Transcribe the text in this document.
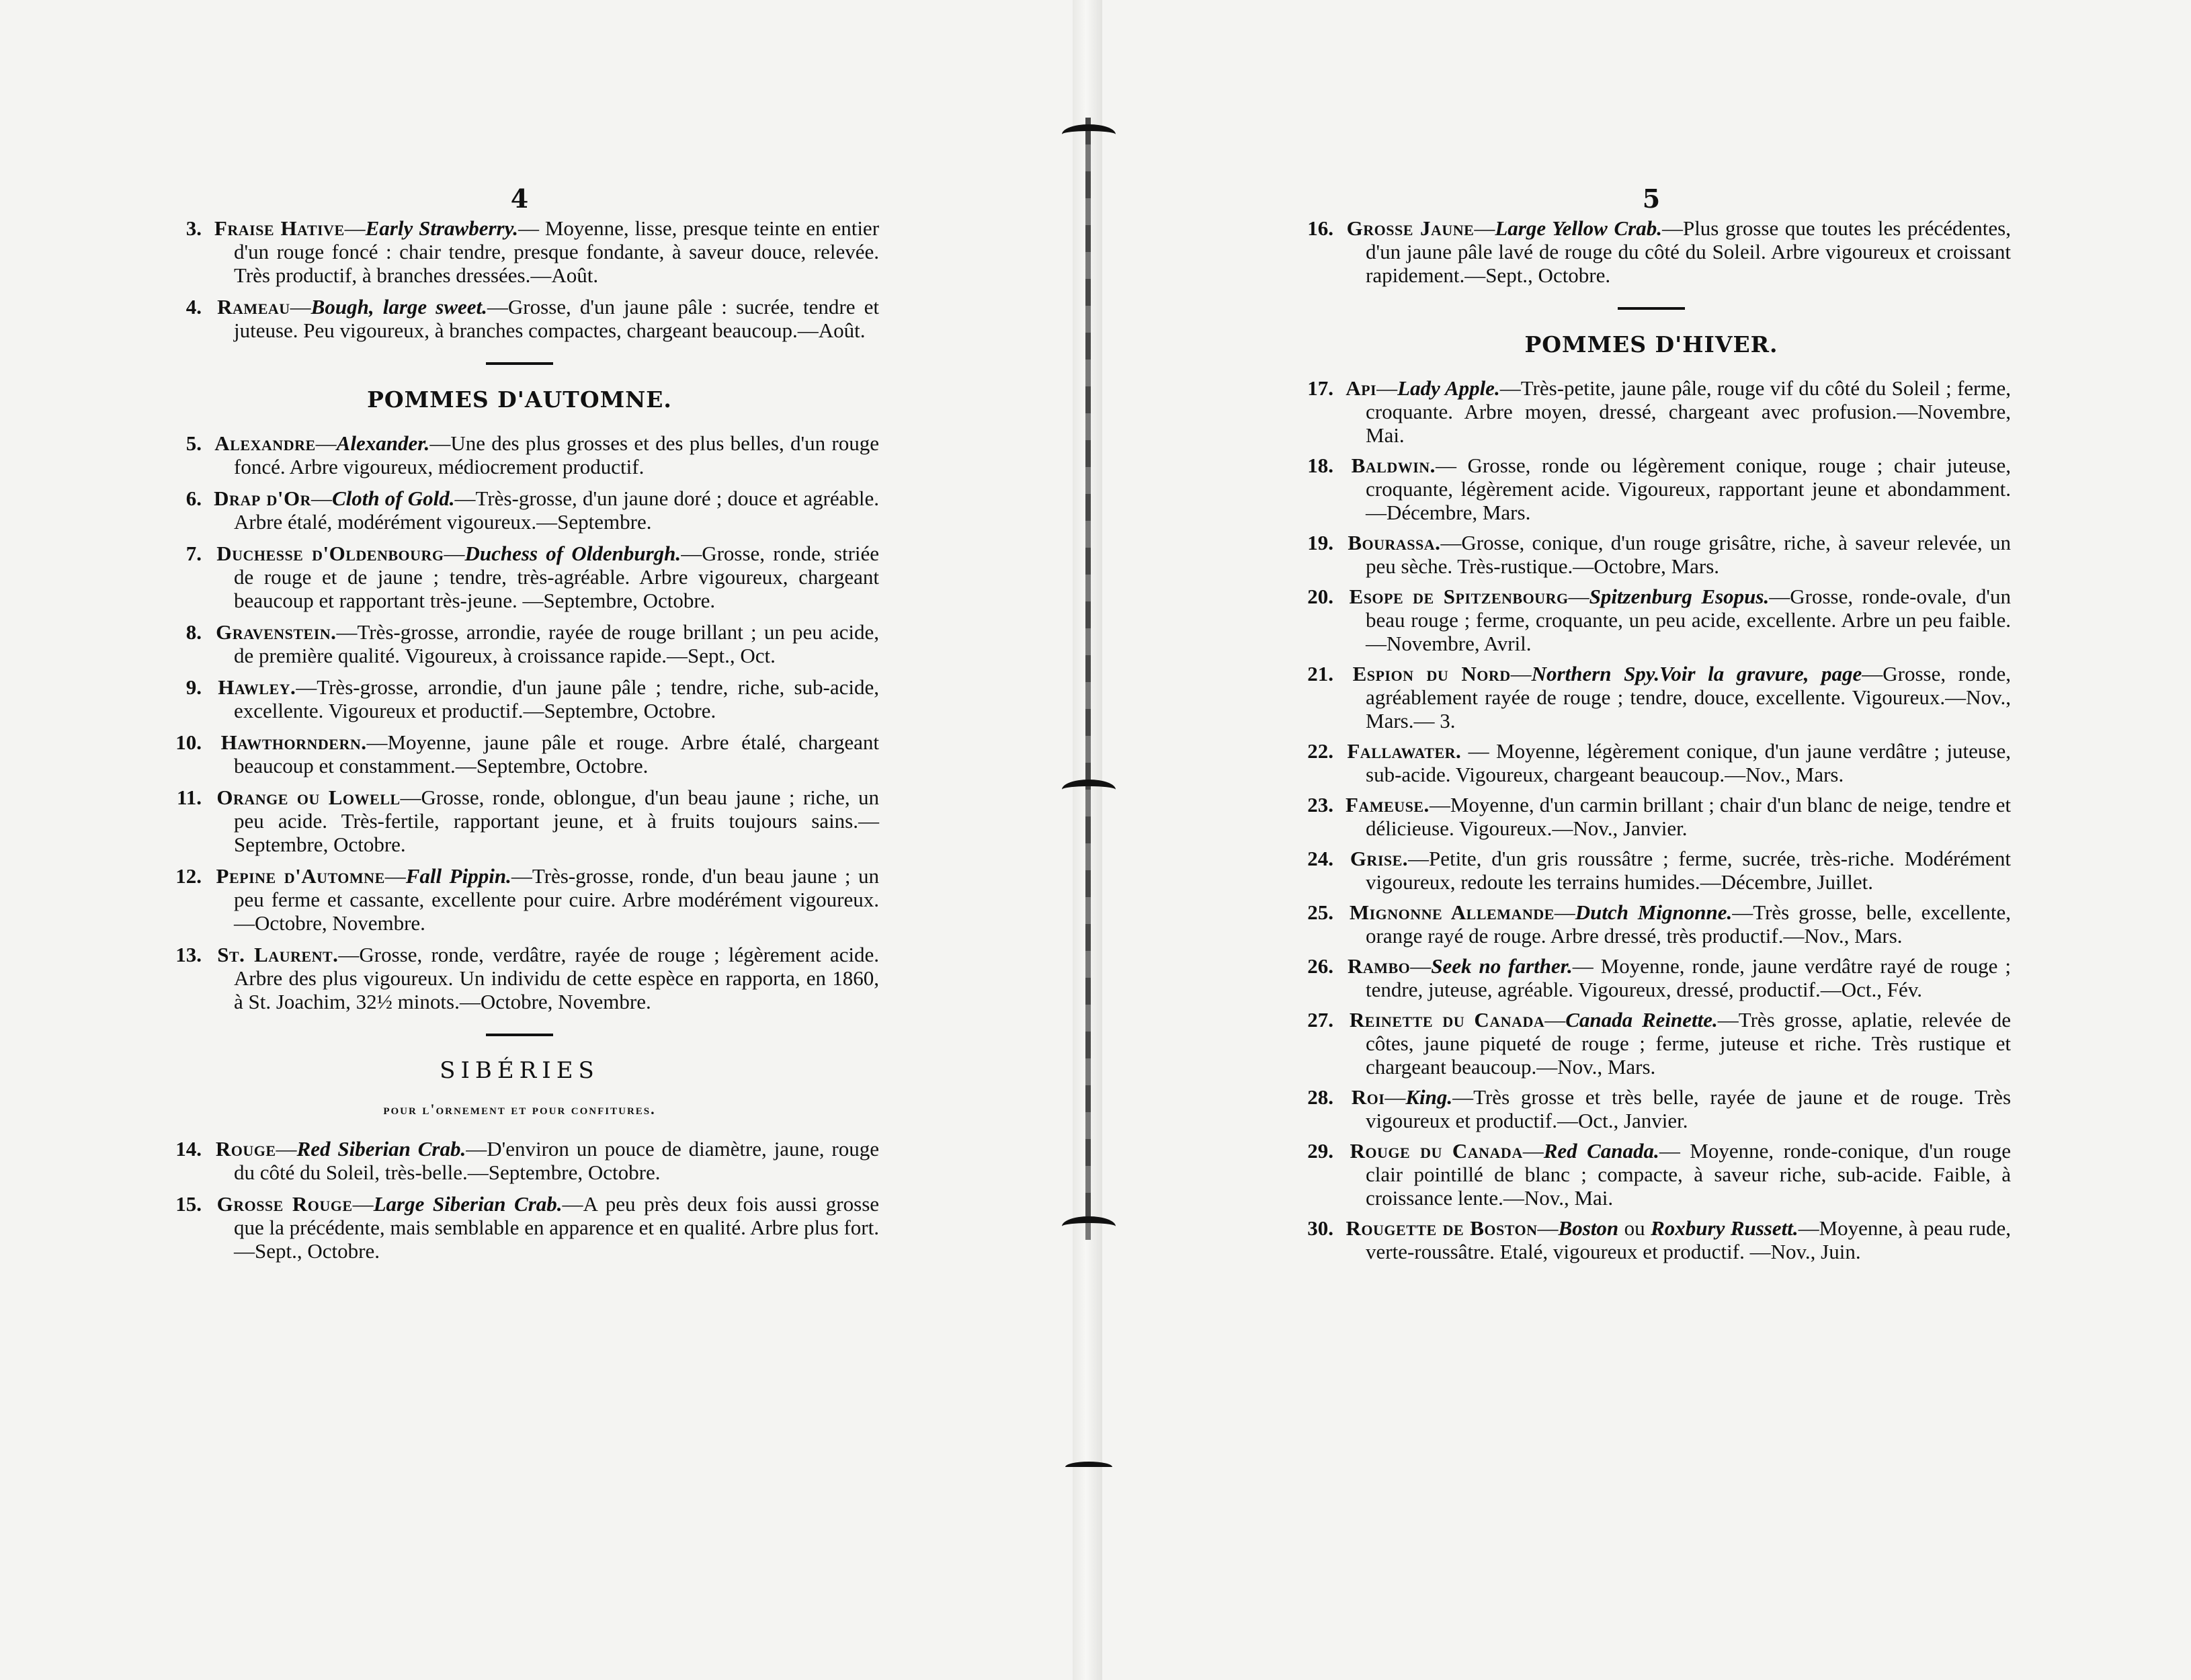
4
3. Fraise Hative—Early Strawberry.— Moyenne, lisse, presque teinte en entier d'un rouge foncé : chair tendre, presque fondante, à saveur douce, relevée. Très productif, à branches dressées.—Août.
4. Rameau—Bough, large sweet.—Grosse, d'un jaune pâle : sucrée, tendre et juteuse. Peu vigoureux, à branches compactes, chargeant beaucoup.—Août.
POMMES D'AUTOMNE.
5. Alexandre—Alexander.—Une des plus grosses et des plus belles, d'un rouge foncé. Arbre vigoureux, médiocrement productif.
6. Drap d'Or—Cloth of Gold.—Très-grosse, d'un jaune doré ; douce et agréable. Arbre étalé, modérément vigoureux.—Septembre.
7. Duchesse d'Oldenbourg—Duchess of Oldenburgh.—Grosse, ronde, striée de rouge et de jaune ; tendre, très-agréable. Arbre vigoureux, chargeant beaucoup et rapportant très-jeune. —Septembre, Octobre.
8. Gravenstein.—Très-grosse, arrondie, rayée de rouge brillant ; un peu acide, de première qualité. Vigoureux, à croissance rapide.—Sept., Oct.
9. Hawley.—Très-grosse, arrondie, d'un jaune pâle ; tendre, riche, sub-acide, excellente. Vigoureux et productif.—Septembre, Octobre.
10. Hawthorndern.—Moyenne, jaune pâle et rouge. Arbre étalé, chargeant beaucoup et constamment.—Septembre, Octobre.
11. Orange ou Lowell—Grosse, ronde, oblongue, d'un beau jaune ; riche, un peu acide. Très-fertile, rapportant jeune, et à fruits toujours sains.—Septembre, Octobre.
12. Pepine d'Automne—Fall Pippin.—Très-grosse, ronde, d'un beau jaune ; un peu ferme et cassante, excellente pour cuire. Arbre modérément vigoureux.—Octobre, Novembre.
13. St. Laurent.—Grosse, ronde, verdâtre, rayée de rouge ; légèrement acide. Arbre des plus vigoureux. Un individu de cette espèce en rapporta, en 1860, à St. Joachim, 32½ minots.—Octobre, Novembre.
SIBÉRIES
pour l'ornement et pour confitures.
14. Rouge—Red Siberian Crab.—D'environ un pouce de diamètre, jaune, rouge du côté du Soleil, très-belle.—Septembre, Octobre.
15. Grosse Rouge—Large Siberian Crab.—A peu près deux fois aussi grosse que la précédente, mais semblable en apparence et en qualité. Arbre plus fort.—Sept., Octobre.
5
16. Grosse Jaune—Large Yellow Crab.—Plus grosse que toutes les précédentes, d'un jaune pâle lavé de rouge du côté du Soleil. Arbre vigoureux et croissant rapidement.—Sept., Octobre.
POMMES D'HIVER.
17. Api—Lady Apple.—Très-petite, jaune pâle, rouge vif du côté du Soleil ; ferme, croquante. Arbre moyen, dressé, chargeant avec profusion.—Novembre, Mai.
18. Baldwin.— Grosse, ronde ou légèrement conique, rouge ; chair juteuse, croquante, légèrement acide. Vigoureux, rapportant jeune et abondamment.—Décembre, Mars.
19. Bourassa.—Grosse, conique, d'un rouge grisâtre, riche, à saveur relevée, un peu sèche. Très-rustique.—Octobre, Mars.
20. Esope de Spitzenbourg—Spitzenburg Esopus.—Grosse, ronde-ovale, d'un beau rouge ; ferme, croquante, un peu acide, excellente. Arbre un peu faible.—Novembre, Avril.
21. Espion du Nord—Northern Spy.Voir la gravure, page—Grosse, ronde, agréablement rayée de rouge ; tendre, douce, excellente. Vigoureux.—Nov., Mars.— 3.
22. Fallawater. — Moyenne, légèrement conique, d'un jaune verdâtre ; juteuse, sub-acide. Vigoureux, chargeant beaucoup.—Nov., Mars.
23. Fameuse.—Moyenne, d'un carmin brillant ; chair d'un blanc de neige, tendre et délicieuse. Vigoureux.—Nov., Janvier.
24. Grise.—Petite, d'un gris roussâtre ; ferme, sucrée, très-riche. Modérément vigoureux, redoute les terrains humides.—Décembre, Juillet.
25. Mignonne Allemande—Dutch Mignonne.—Très grosse, belle, excellente, orange rayé de rouge. Arbre dressé, très productif.—Nov., Mars.
26. Rambo—Seek no farther.— Moyenne, ronde, jaune verdâtre rayé de rouge ; tendre, juteuse, agréable. Vigoureux, dressé, productif.—Oct., Fév.
27. Reinette du Canada—Canada Reinette.—Très grosse, aplatie, relevée de côtes, jaune piqueté de rouge ; ferme, juteuse et riche. Très rustique et chargeant beaucoup.—Nov., Mars.
28. Roi—King.—Très grosse et très belle, rayée de jaune et de rouge. Très vigoureux et productif.—Oct., Janvier.
29. Rouge du Canada—Red Canada.— Moyenne, ronde-conique, d'un rouge clair pointillé de blanc ; compacte, à saveur riche, sub-acide. Faible, à croissance lente.—Nov., Mai.
30. Rougette de Boston—Boston ou Roxbury Russett.—Moyenne, à peau rude, verte-roussâtre. Etalé, vigoureux et productif. —Nov., Juin.
